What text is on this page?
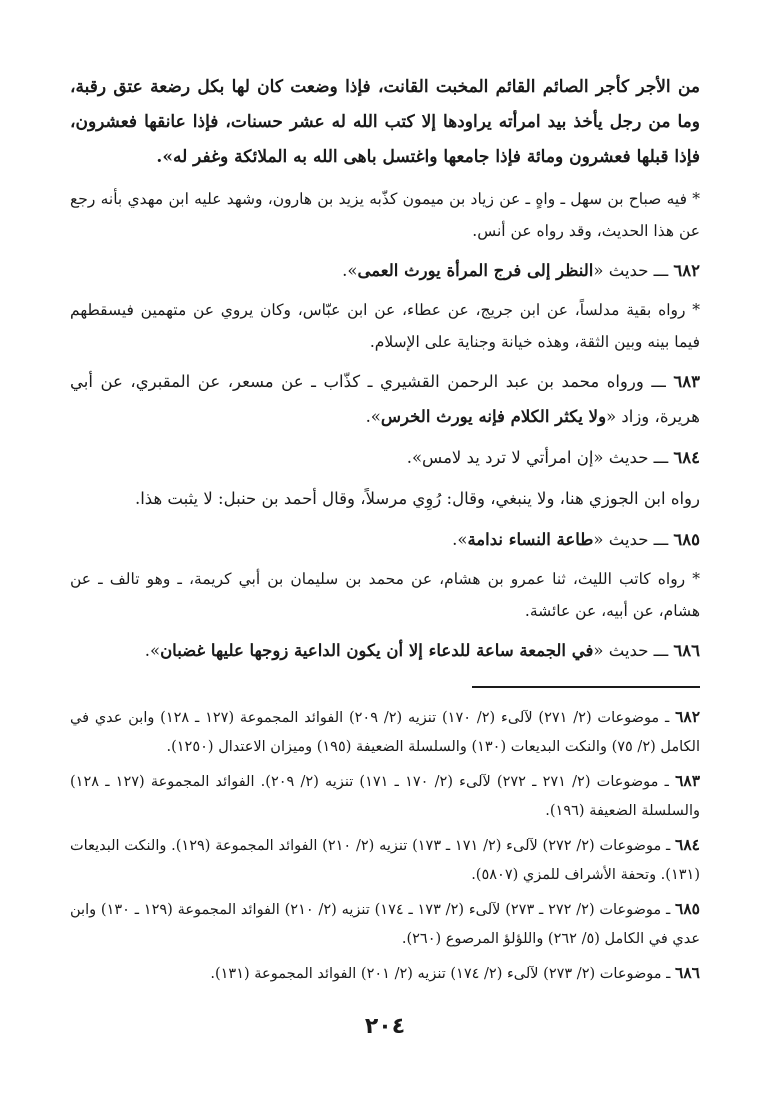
من الأجر كأجر الصائم القائم المخبت القانت، فإذا وضعت كان لها بكل رضعة عتق رقبة، وما من رجل يأخذ بيد امرأته يراودها إلا كتب الله له عشر حسنات، فإذا عانقها فعشرون، فإذا قبلها فعشرون ومائة فإذا جامعها واغتسل باهى الله به الملائكة وغفر له».

* فيه صباح بن سهل ـ واهٍ ـ عن زياد بن ميمون كذّبه يزيد بن هارون، وشهد عليه ابن مهدي بأنه رجع عن هذا الحديث، وقد رواه عن أنس.

٦٨٢ ـــ حديث «النظر إلى فرج المرأة يورث العمى».

* رواه بقية مدلساً، عن ابن جريج، عن عطاء، عن ابن عبّاس، وكان يروي عن متهمين فيسقطهم فيما بينه وبين الثقة، وهذه خيانة وجناية على الإسلام.

٦٨٣ ـــ ورواه محمد بن عبد الرحمن القشيري ـ كذّاب ـ عن مسعر، عن المقبري، عن أبي هريرة، وزاد «ولا يكثر الكلام فإنه يورث الخرس».

٦٨٤ ـــ حديث «إن امرأتي لا ترد يد لامس».

رواه ابن الجوزي هنا، ولا ينبغي، وقال: رُوِي مرسلاً، وقال أحمد بن حنبل: لا يثبت هذا.

٦٨٥ ـــ حديث «طاعة النساء ندامة».

* رواه كاتب الليث، ثنا عمرو بن هشام، عن محمد بن سليمان بن أبي كريمة، ـ وهو تالف ـ عن هشام، عن أبيه، عن عائشة.

٦٨٦ ـــ حديث «في الجمعة ساعة للدعاء إلا أن يكون الداعية زوجها عليها غضبان».

٦٨٢ ـ موضوعات (٢/ ٢٧١) لآلىء (٢/ ١٧٠) تنزيه (٢/ ٢٠٩) الفوائد المجموعة (١٢٧ ـ ١٢٨) وابن عدي في الكامل (٢/ ٧٥) والنكت البديعات (١٣٠) والسلسلة الضعيفة (١٩٥) وميزان الاعتدال (١٢٥٠).

٦٨٣ ـ موضوعات (٢/ ٢٧١ ـ ٢٧٢) لآلىء (٢/ ١٧٠ ـ ١٧١) تنزيه (٢/ ٢٠٩). الفوائد المجموعة (١٢٧ ـ ١٢٨) والسلسلة الضعيفة (١٩٦).

٦٨٤ ـ موضوعات (٢/ ٢٧٢) لآلىء (٢/ ١٧١ ـ ١٧٣) تنزيه (٢/ ٢١٠) الفوائد المجموعة (١٢٩). والنكت البديعات (١٣١). وتحفة الأشراف للمزي (٥٨٠٧).

٦٨٥ ـ موضوعات (٢/ ٢٧٢ ـ ٢٧٣) لآلىء (٢/ ١٧٣ ـ ١٧٤) تنزيه (٢/ ٢١٠) الفوائد المجموعة (١٢٩ ـ ١٣٠) وابن عدي في الكامل (٥/ ٢٦٢) واللؤلؤ المرصوع (٢٦٠).

٦٨٦ ـ موضوعات (٢/ ٢٧٣) لآلىء (٢/ ١٧٤) تنزيه (٢/ ٢٠١) الفوائد المجموعة (١٣١).

٢٠٤
